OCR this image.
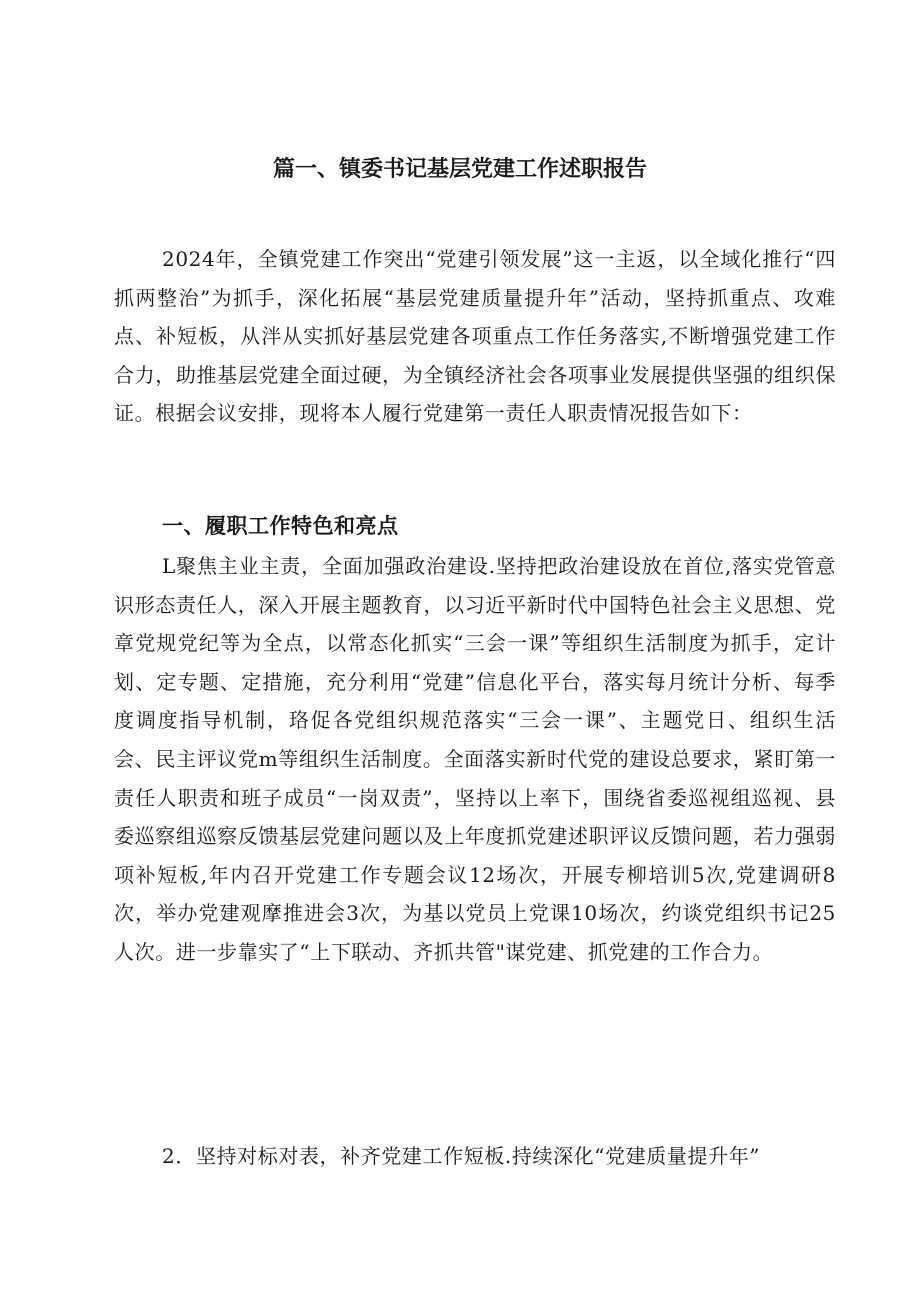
篇一、镇委书记基层党建工作述职报告

2024年，全镇党建工作突出“党建引领发展”这一主返，以全域化推行“四抓两整治”为抓手，深化拓展“基层党建质量提升年”活动，坚持抓重点、攻难点、补短板，从泮从实抓好基层党建各项重点工作任务落实,不断增强党建工作合力，助推基层党建全面过硬，为全镇经济社会各项事业发展提供坚强的组织保证。根据会议安排，现将本人履行党建第一责任人职责情况报告如下：

一、履职工作特色和亮点

L聚焦主业主责，全面加强政治建设.坚持把政治建设放在首位,落实党管意识形态责任人，深入开展主题教育，以习近平新时代中国特色社会主义思想、党章党规党纪等为全点，以常态化抓实“三会一课”等组织生活制度为抓手，定计划、定专题、定措施，充分利用“党建”信息化平台，落实每月统计分析、每季度调度指导机制，珞促各党组织规范落实“三会一课”、主题党日、组织生活会、民主评议党m等组织生活制度。全面落实新时代党的建设总要求，紧盯第一责任人职责和班子成员“一岗双责”，坚持以上率下，围绕省委巡视组巡视、县委巡察组巡察反馈基层党建问题以及上年度抓党建述职评议反馈问题，若力强弱项补短板,年内召开党建工作专题会议12场次，开展专柳培训5次,党建调研8次，举办党建观摩推进会3次，为基以党员上党课10场次，约谈党组织书记25人次。进一步靠实了“上下联动、齐抓共管"谋党建、抓党建的工作合力。

2．坚持对标对表，补齐党建工作短板.持续深化“党建质量提升年”
